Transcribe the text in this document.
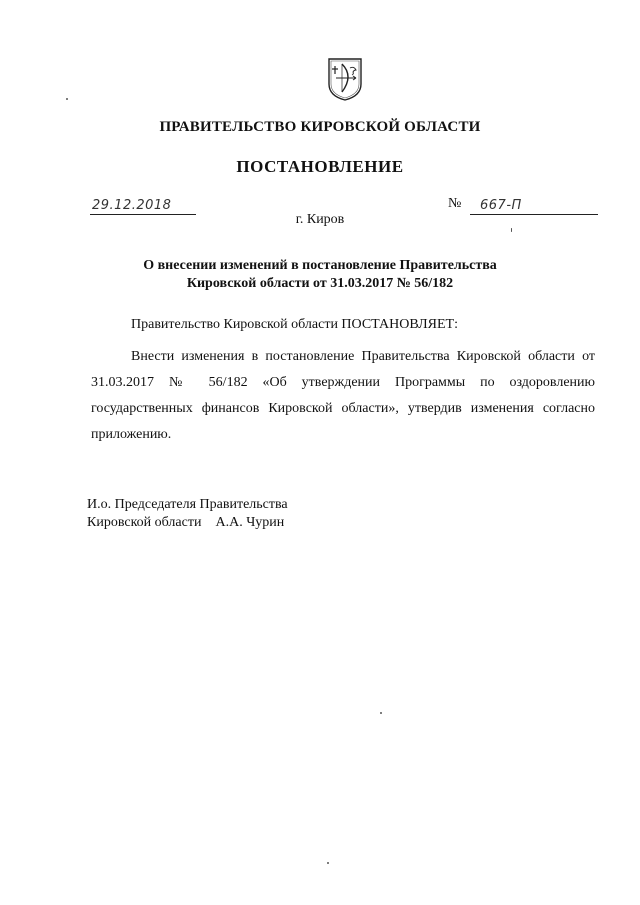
ПРАВИТЕЛЬСТВО КИРОВСКОЙ ОБЛАСТИ
ПОСТАНОВЛЕНИЕ
29.12.2018	№ 667-П
г. Киров
О внесении изменений в постановление Правительства
Кировской области от 31.03.2017 № 56/182
Правительство Кировской области ПОСТАНОВЛЯЕТ:
Внести изменения в постановление Правительства Кировской области от 31.03.2017 № 56/182 «Об утверждении Программы по оздоровлению государственных финансов Кировской области», утвердив изменения согласно приложению.
И.о. Председателя Правительства
Кировской области А.А. Чурин
